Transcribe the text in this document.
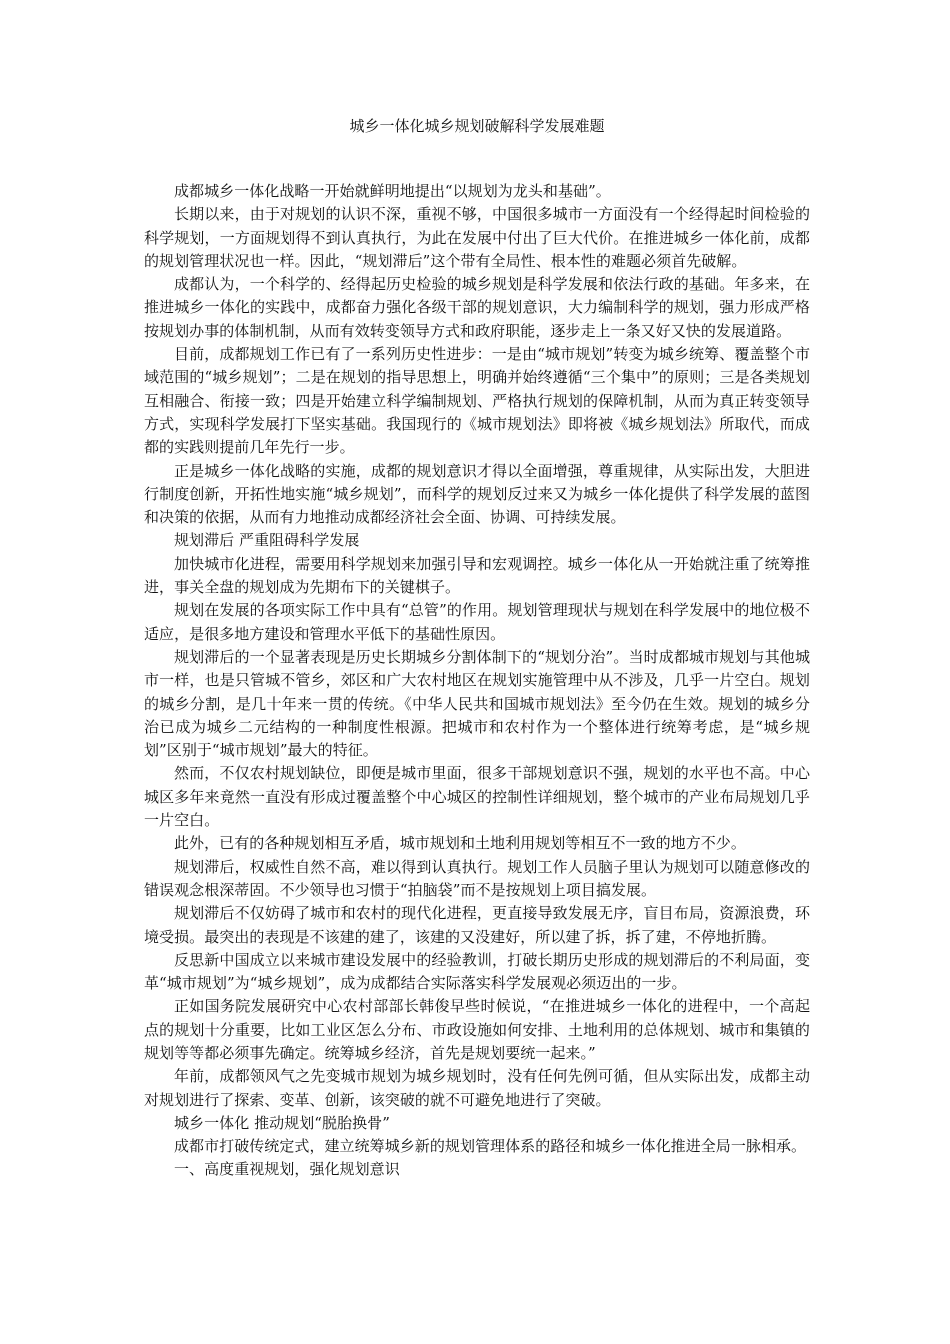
城乡一体化城乡规划破解科学发展难题

成都城乡一体化战略一开始就鲜明地提出“以规划为龙头和基础”。

长期以来，由于对规划的认识不深，重视不够，中国很多城市一方面没有一个经得起时间检验的科学规划，一方面规划得不到认真执行，为此在发展中付出了巨大代价。在推进城乡一体化前，成都的规划管理状况也一样。因此，“规划滞后”这个带有全局性、根本性的难题必须首先破解。

成都认为，一个科学的、经得起历史检验的城乡规划是科学发展和依法行政的基础。年多来，在推进城乡一体化的实践中，成都奋力强化各级干部的规划意识，大力编制科学的规划，强力形成严格按规划办事的体制机制，从而有效转变领导方式和政府职能，逐步走上一条又好又快的发展道路。

目前，成都规划工作已有了一系列历史性进步：一是由“城市规划”转变为城乡统筹、覆盖整个市域范围的“城乡规划”；二是在规划的指导思想上，明确并始终遵循“三个集中”的原则；三是各类规划互相融合、衔接一致；四是开始建立科学编制规划、严格执行规划的保障机制，从而为真正转变领导方式，实现科学发展打下坚实基础。我国现行的《城市规划法》即将被《城乡规划法》所取代，而成都的实践则提前几年先行一步。

正是城乡一体化战略的实施，成都的规划意识才得以全面增强，尊重规律，从实际出发，大胆进行制度创新，开拓性地实施“城乡规划”，而科学的规划反过来又为城乡一体化提供了科学发展的蓝图和决策的依据，从而有力地推动成都经济社会全面、协调、可持续发展。

规划滞后 严重阻碍科学发展

加快城市化进程，需要用科学规划来加强引导和宏观调控。城乡一体化从一开始就注重了统筹推进，事关全盘的规划成为先期布下的关键棋子。

规划在发展的各项实际工作中具有“总管”的作用。规划管理现状与规划在科学发展中的地位极不适应，是很多地方建设和管理水平低下的基础性原因。

规划滞后的一个显著表现是历史长期城乡分割体制下的“规划分治”。当时成都城市规划与其他城市一样，也是只管城不管乡，郊区和广大农村地区在规划实施管理中从不涉及，几乎一片空白。规划的城乡分割，是几十年来一贯的传统。《中华人民共和国城市规划法》至今仍在生效。规划的城乡分治已成为城乡二元结构的一种制度性根源。把城市和农村作为一个整体进行统筹考虑，是“城乡规划”区别于“城市规划”最大的特征。

然而，不仅农村规划缺位，即便是城市里面，很多干部规划意识不强，规划的水平也不高。中心城区多年来竟然一直没有形成过覆盖整个中心城区的控制性详细规划，整个城市的产业布局规划几乎一片空白。

此外，已有的各种规划相互矛盾，城市规划和土地利用规划等相互不一致的地方不少。

规划滞后，权威性自然不高，难以得到认真执行。规划工作人员脑子里认为规划可以随意修改的错误观念根深蒂固。不少领导也习惯于“拍脑袋”而不是按规划上项目搞发展。

规划滞后不仅妨碍了城市和农村的现代化进程，更直接导致发展无序，盲目布局，资源浪费，环境受损。最突出的表现是不该建的建了，该建的又没建好，所以建了拆，拆了建，不停地折腾。

反思新中国成立以来城市建设发展中的经验教训，打破长期历史形成的规划滞后的不利局面，变革“城市规划”为“城乡规划”，成为成都结合实际落实科学发展观必须迈出的一步。

正如国务院发展研究中心农村部部长韩俊早些时候说，“在推进城乡一体化的进程中，一个高起点的规划十分重要，比如工业区怎么分布、市政设施如何安排、土地利用的总体规划、城市和集镇的规划等等都必须事先确定。统筹城乡经济，首先是规划要统一起来。”

年前，成都领风气之先变城市规划为城乡规划时，没有任何先例可循，但从实际出发，成都主动对规划进行了探索、变革、创新，该突破的就不可避免地进行了突破。

城乡一体化 推动规划“脱胎换骨”

成都市打破传统定式，建立统筹城乡新的规划管理体系的路径和城乡一体化推进全局一脉相承。

一、高度重视规划，强化规划意识
